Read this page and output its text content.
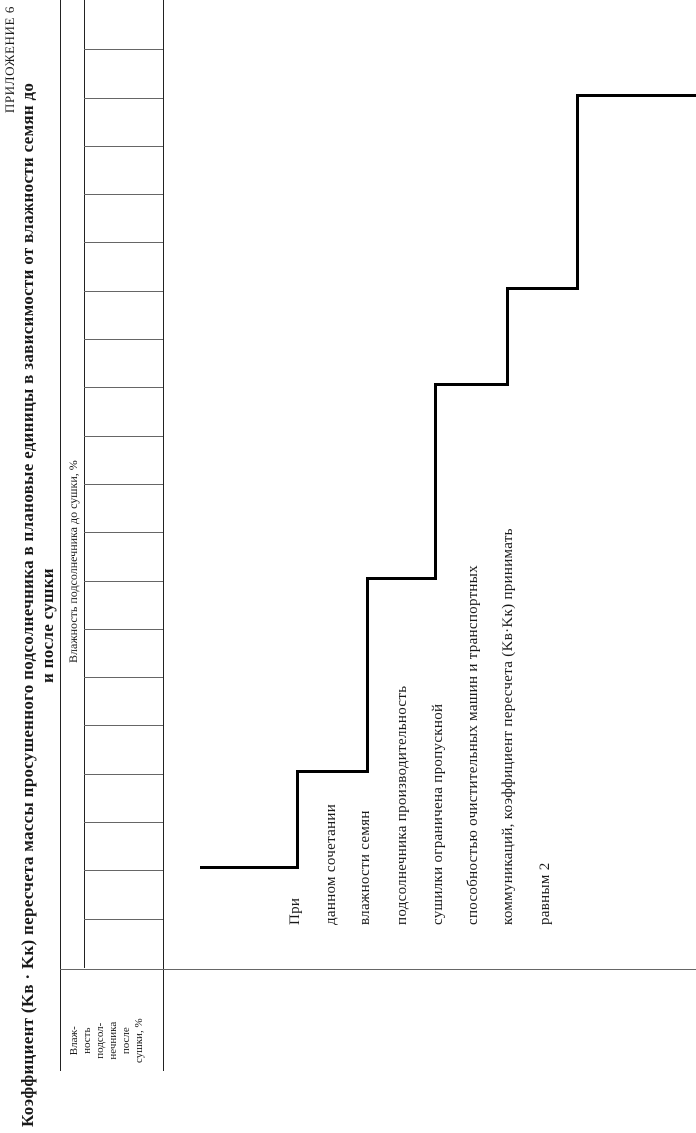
ПРИЛОЖЕНИЕ 6
Коэффициент (Kв · Kк) пересчета массы просушенного подсолнечника в плановые единицы в зависимости от влажности семян до и после сушки
Влаж- ность подсол- нечника после сушки, %
Влажность подсолнечника до сушки, %
При данном сочетании влажности семян подсолнечника производительность сушилки ограничена пропускной способностью очистительных машин и транспортных коммуникаций, коэффициент пересчета (Kв·Kк) принимать равным 2
